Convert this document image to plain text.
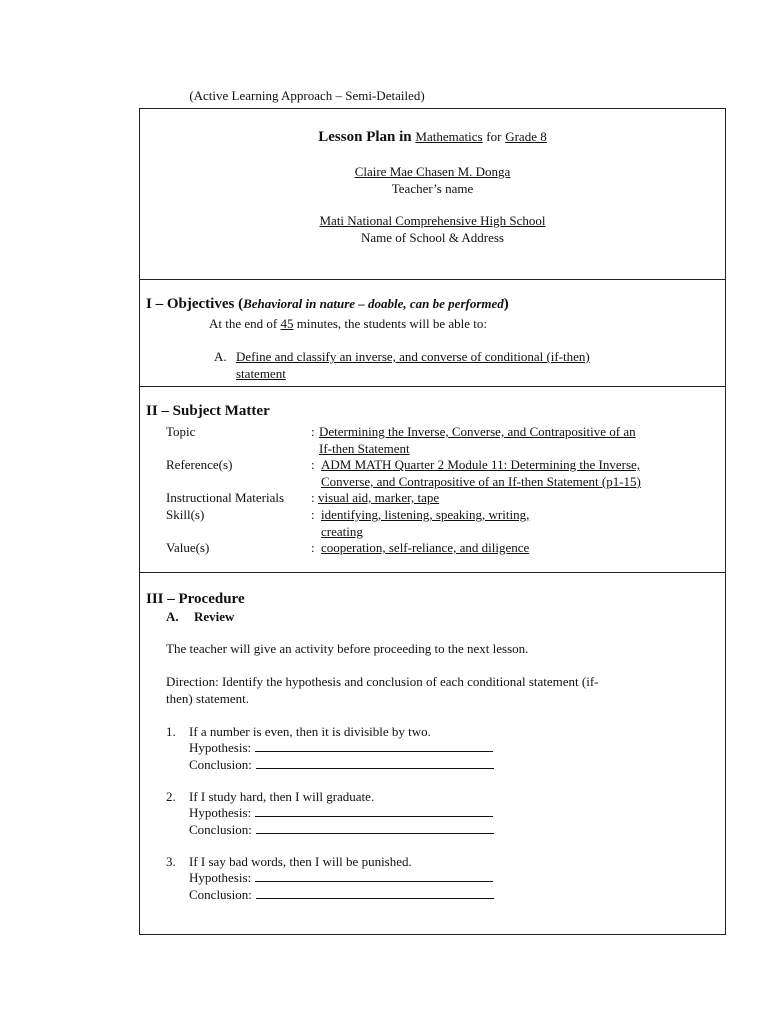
(Active Learning Approach – Semi-Detailed)
Lesson Plan in Mathematics for Grade 8
Claire Mae Chasen M. Donga
Teacher’s name
Mati National Comprehensive High School
Name of School & Address
I – Objectives (Behavioral in nature – doable, can be performed)
At the end of 45 minutes, the students will be able to:
A. Define and classify an inverse, and converse of conditional (if-then)
statement
II – Subject Matter
Topic	: Determining the Inverse, Converse, and Contrapositive of an
If-then Statement
Reference(s)	: ADM MATH Quarter 2 Module 11: Determining the Inverse,
Converse, and Contrapositive of an If-then Statement (p1-15)
Instructional Materials : visual aid, marker, tape
Skill(s)	: identifying, listening, speaking, writing,
creating
Value(s)	: cooperation, self-reliance, and diligence
III – Procedure
A. Review
The teacher will give an activity before proceeding to the next lesson.
Direction: Identify the hypothesis and conclusion of each conditional statement (if-
then) statement.
1. If a number is even, then it is divisible by two.
Hypothesis:
Conclusion:
2. If I study hard, then I will graduate.
Hypothesis:
Conclusion:
3. If I say bad words, then I will be punished.
Hypothesis:
Conclusion:
